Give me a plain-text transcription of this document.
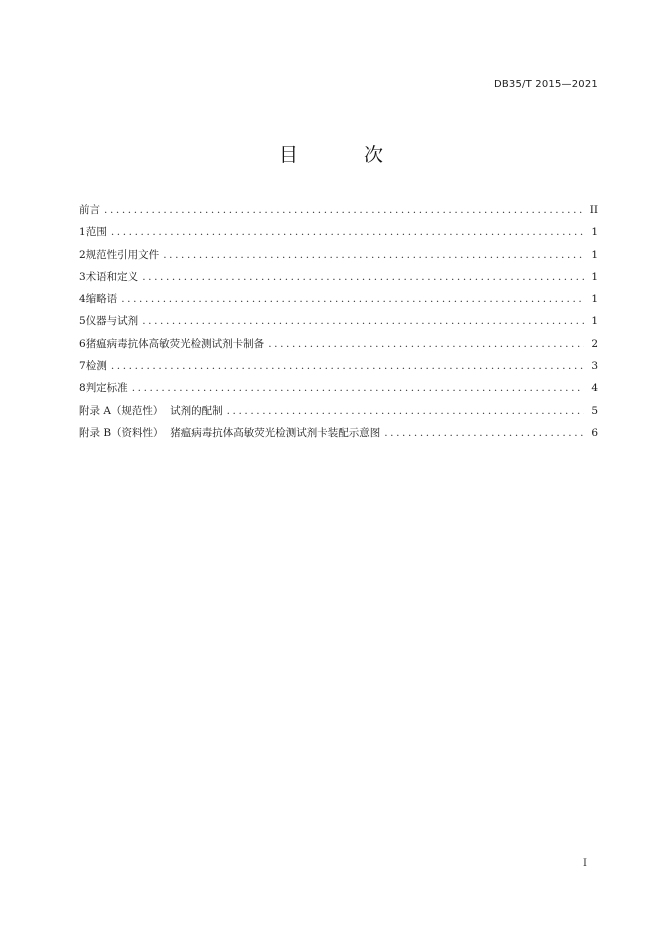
DB35/T 2015—2021
目 次
前言 .....	II
1 范围 .....	1
2 规范性引用文件 .....	1
3 术语和定义 .....	1
4 缩略语 .....	1
5 仪器与试剂 .....	1
6 猪瘟病毒抗体高敏荧光检测试剂卡制备 .....	2
7 检测 .....	3
8 判定标准 .....	4
附录 A（规范性）  试剂的配制 .....	5
附录 B（资料性）  猪瘟病毒抗体高敏荧光检测试剂卡装配示意图 .....	6
I
